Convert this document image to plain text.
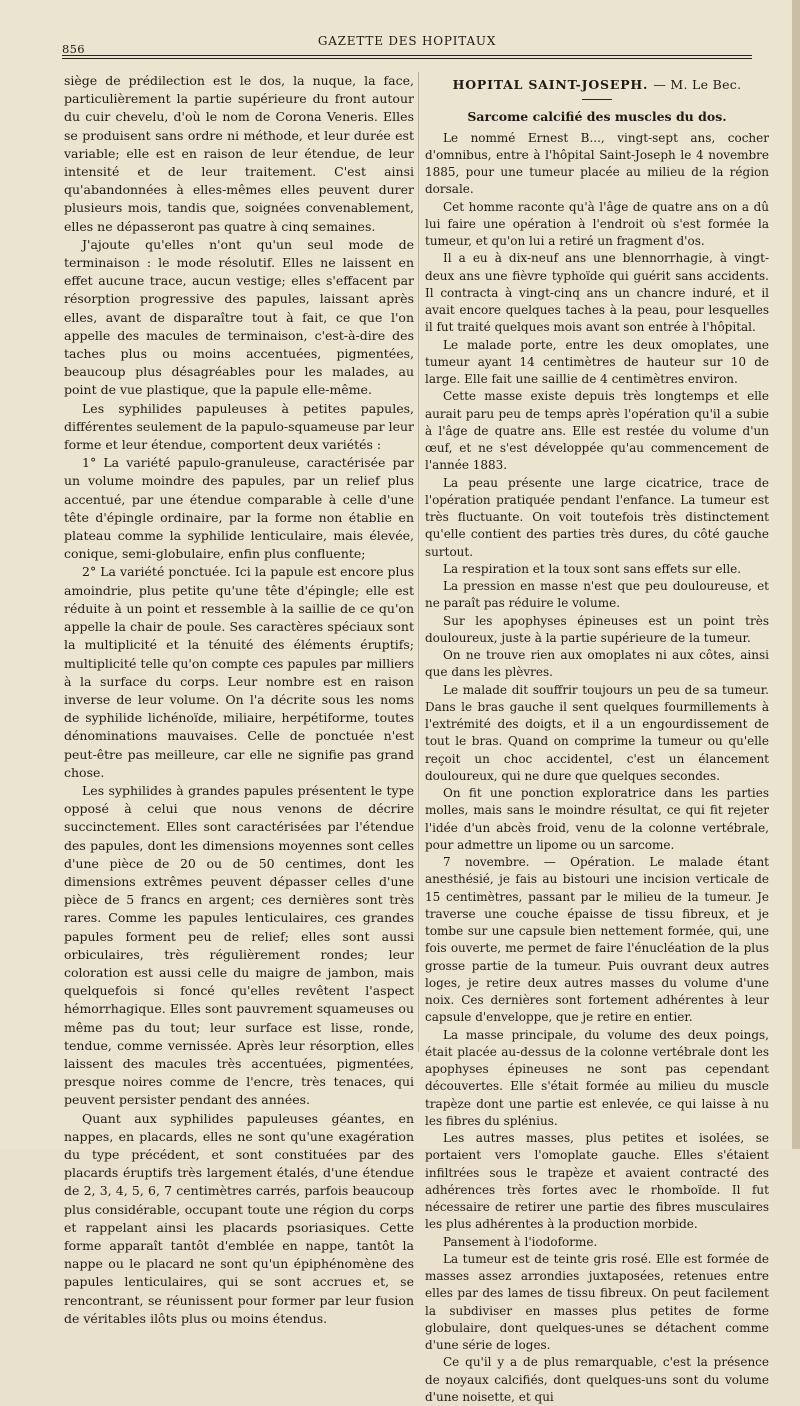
856
GAZETTE DES HOPITAUX

siège de prédilection est le dos, la nuque, la face, particulièrement la partie supérieure du front autour du cuir chevelu, d'où le nom de Corona Veneris. Elles se produisent sans ordre ni méthode, et leur durée est variable; elle est en raison de leur étendue, de leur intensité et de leur traitement. C'est ainsi qu'abandonnées à elles-mêmes elles peuvent durer plusieurs mois, tandis que, soignées convenablement, elles ne dépasseront pas quatre à cinq semaines.

J'ajoute qu'elles n'ont qu'un seul mode de terminaison : le mode résolutif. Elles ne laissent en effet aucune trace, aucun vestige; elles s'effacent par résorption progressive des papules, laissant après elles, avant de disparaître tout à fait, ce que l'on appelle des macules de terminaison, c'est-à-dire des taches plus ou moins accentuées, pigmentées, beaucoup plus désagréables pour les malades, au point de vue plastique, que la papule elle-même.

Les syphilides papuleuses à petites papules, différentes seulement de la papulo-squameuse par leur forme et leur étendue, comportent deux variétés :

1° La variété papulo-granuleuse, caractérisée par un volume moindre des papules, par un relief plus accentué, par une étendue comparable à celle d'une tête d'épingle ordinaire, par la forme non établie en plateau comme la syphilide lenticulaire, mais élevée, conique, semi-globulaire, enfin plus confluente;

2° La variété ponctuée. Ici la papule est encore plus amoindrie, plus petite qu'une tête d'épingle; elle est réduite à un point et ressemble à la saillie de ce qu'on appelle la chair de poule. Ses caractères spéciaux sont la multiplicité et la ténuité des éléments éruptifs; multiplicité telle qu'on compte ces papules par milliers à la surface du corps. Leur nombre est en raison inverse de leur volume. On l'a décrite sous les noms de syphilide lichénoïde, miliaire, herpétiforme, toutes dénominations mauvaises. Celle de ponctuée n'est peut-être pas meilleure, car elle ne signifie pas grand chose.

Les syphilides à grandes papules présentent le type opposé à celui que nous venons de décrire succinctement. Elles sont caractérisées par l'étendue des papules, dont les dimensions moyennes sont celles d'une pièce de 20 ou de 50 centimes, dont les dimensions extrêmes peuvent dépasser celles d'une pièce de 5 francs en argent; ces dernières sont très rares. Comme les papules lenticulaires, ces grandes papules forment peu de relief; elles sont aussi orbiculaires, très régulièrement rondes; leur coloration est aussi celle du maigre de jambon, mais quelquefois si foncé qu'elles revêtent l'aspect hémorrhagique. Elles sont pauvrement squameuses ou même pas du tout; leur surface est lisse, ronde, tendue, comme vernissée. Après leur résorption, elles laissent des macules très accentuées, pigmentées, presque noires comme de l'encre, très tenaces, qui peuvent persister pendant des années.

Quant aux syphilides papuleuses géantes, en nappes, en placards, elles ne sont qu'une exagération du type précédent, et sont constituées par des placards éruptifs très largement étalés, d'une étendue de 2, 3, 4, 5, 6, 7 centimètres carrés, parfois beaucoup plus considérable, occupant toute une région du corps et rappelant ainsi les placards psoriasiques. Cette forme apparaît tantôt d'emblée en nappe, tantôt la nappe ou le placard ne sont qu'un épiphénomène des papules lenticulaires, qui se sont accrues et, se rencontrant, se réunissent pour former par leur fusion de véritables ilôts plus ou moins étendus.

HOPITAL SAINT-JOSEPH. — M. Le Bec.

Sarcome calcifié des muscles du dos.

Le nommé Ernest B..., vingt-sept ans, cocher d'omnibus, entre à l'hôpital Saint-Joseph le 4 novembre 1885, pour une tumeur placée au milieu de la région dorsale.

Cet homme raconte qu'à l'âge de quatre ans on a dû lui faire une opération à l'endroit où s'est formée la tumeur, et qu'on lui a retiré un fragment d'os.

Il a eu à dix-neuf ans une blennorrhagie, à vingt-deux ans une fièvre typhoïde qui guérit sans accidents. Il contracta à vingt-cinq ans un chancre induré, et il avait encore quelques taches à la peau, pour lesquelles il fut traité quelques mois avant son entrée à l'hôpital.

Le malade porte, entre les deux omoplates, une tumeur ayant 14 centimètres de hauteur sur 10 de large. Elle fait une saillie de 4 centimètres environ.

Cette masse existe depuis très longtemps et elle aurait paru peu de temps après l'opération qu'il a subie à l'âge de quatre ans. Elle est restée du volume d'un œuf, et ne s'est développée qu'au commencement de l'année 1883.

La peau présente une large cicatrice, trace de l'opération pratiquée pendant l'enfance. La tumeur est très fluctuante. On voit toutefois très distinctement qu'elle contient des parties très dures, du côté gauche surtout.

La respiration et la toux sont sans effets sur elle.

La pression en masse n'est que peu douloureuse, et ne paraît pas réduire le volume.

Sur les apophyses épineuses est un point très douloureux, juste à la partie supérieure de la tumeur.

On ne trouve rien aux omoplates ni aux côtes, ainsi que dans les plèvres.

Le malade dit souffrir toujours un peu de sa tumeur. Dans le bras gauche il sent quelques fourmillements à l'extrémité des doigts, et il a un engourdissement de tout le bras. Quand on comprime la tumeur ou qu'elle reçoit un choc accidentel, c'est un élancement douloureux, qui ne dure que quelques secondes.

On fit une ponction exploratrice dans les parties molles, mais sans le moindre résultat, ce qui fit rejeter l'idée d'un abcès froid, venu de la colonne vertébrale, pour admettre un lipome ou un sarcome.

7 novembre. — Opération. Le malade étant anesthésié, je fais au bistouri une incision verticale de 15 centimètres, passant par le milieu de la tumeur. Je traverse une couche épaisse de tissu fibreux, et je tombe sur une capsule bien nettement formée, qui, une fois ouverte, me permet de faire l'énucléation de la plus grosse partie de la tumeur. Puis ouvrant deux autres loges, je retire deux autres masses du volume d'une noix. Ces dernières sont fortement adhérentes à leur capsule d'enveloppe, que je retire en entier.

La masse principale, du volume des deux poings, était placée au-dessus de la colonne vertébrale dont les apophyses épineuses ne sont pas cependant découvertes. Elle s'était formée au milieu du muscle trapèze dont une partie est enlevée, ce qui laisse à nu les fibres du splénius.

Les autres masses, plus petites et isolées, se portaient vers l'omoplate gauche. Elles s'étaient infiltrées sous le trapèze et avaient contracté des adhérences très fortes avec le rhomboïde. Il fut nécessaire de retirer une partie des fibres musculaires les plus adhérentes à la production morbide.

Pansement à l'iodoforme.

La tumeur est de teinte gris rosé. Elle est formée de masses assez arrondies juxtaposées, retenues entre elles par des lames de tissu fibreux. On peut facilement la subdiviser en masses plus petites de forme globulaire, dont quelques-unes se détachent comme d'une série de loges.

Ce qu'il y a de plus remarquable, c'est la présence de noyaux calcifiés, dont quelques-uns sont du volume d'une noisette, et qui
